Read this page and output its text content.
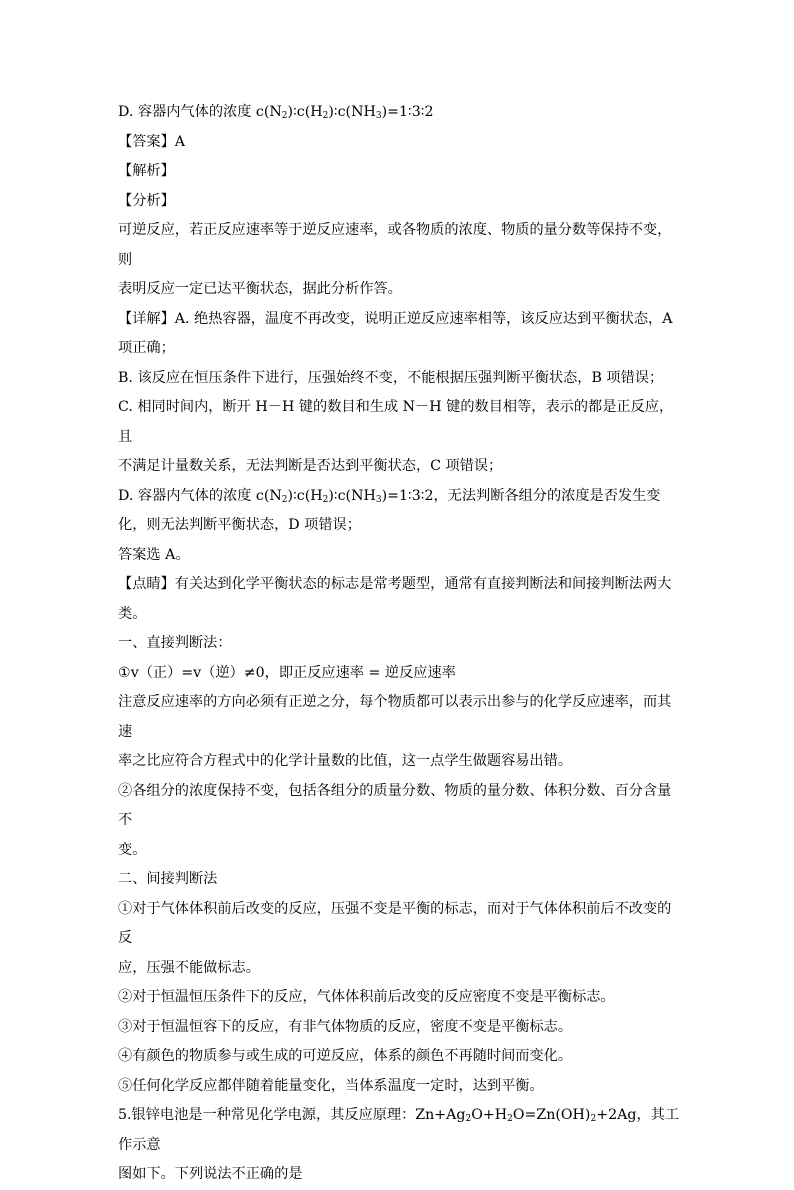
D. 容器内气体的浓度 $c(N_2)∶c(H_2)∶c(NH_3)=1∶3∶2$

【答案】A

【解析】

【分析】

可逆反应，若正反应速率等于逆反应速率，或各物质的浓度、物质的量分数等保持不变，则

表明反应一定已达平衡状态，据此分析作答。

【详解】A. 绝热容器，温度不再改变，说明正逆反应速率相等，该反应达到平衡状态，A

项正确；

B. 该反应在恒压条件下进行，压强始终不变，不能根据压强判断平衡状态，B 项错误；

C. 相同时间内，断开 H－H 键的数目和生成 N－H 键的数目相等，表示的都是正反应，且

不满足计量数关系，无法判断是否达到平衡状态，C 项错误；

D. 容器内气体的浓度 $c(N_2)∶c(H_2)∶c(NH_3)=1∶3∶2$，无法判断各组分的浓度是否发生变

化，则无法判断平衡状态，D 项错误；

答案选 A。

【点睛】有关达到化学平衡状态的标志是常考题型，通常有直接判断法和间接判断法两大类。

一、直接判断法：

①v（正）=v（逆）≠0，即正反应速率 = 逆反应速率

注意反应速率的方向必须有正逆之分，每个物质都可以表示出参与的化学反应速率，而其速

率之比应符合方程式中的化学计量数的比值，这一点学生做题容易出错。

②各组分的浓度保持不变，包括各组分的质量分数、物质的量分数、体积分数、百分含量不

变。

二、间接判断法

①对于气体体积前后改变的反应，压强不变是平衡的标志，而对于气体体积前后不改变的反

应，压强不能做标志。

②对于恒温恒压条件下的反应，气体体积前后改变的反应密度不变是平衡标志。

③对于恒温恒容下的反应，有非气体物质的反应，密度不变是平衡标志。

④有颜色的物质参与或生成的可逆反应，体系的颜色不再随时间而变化。

⑤任何化学反应都伴随着能量变化，当体系温度一定时，达到平衡。

5.银锌电池是一种常见化学电源，其反应原理：$Zn+Ag_2O+H_2O=Zn(OH)_2+2Ag$，其工作示意

图如下。下列说法不正确的是
